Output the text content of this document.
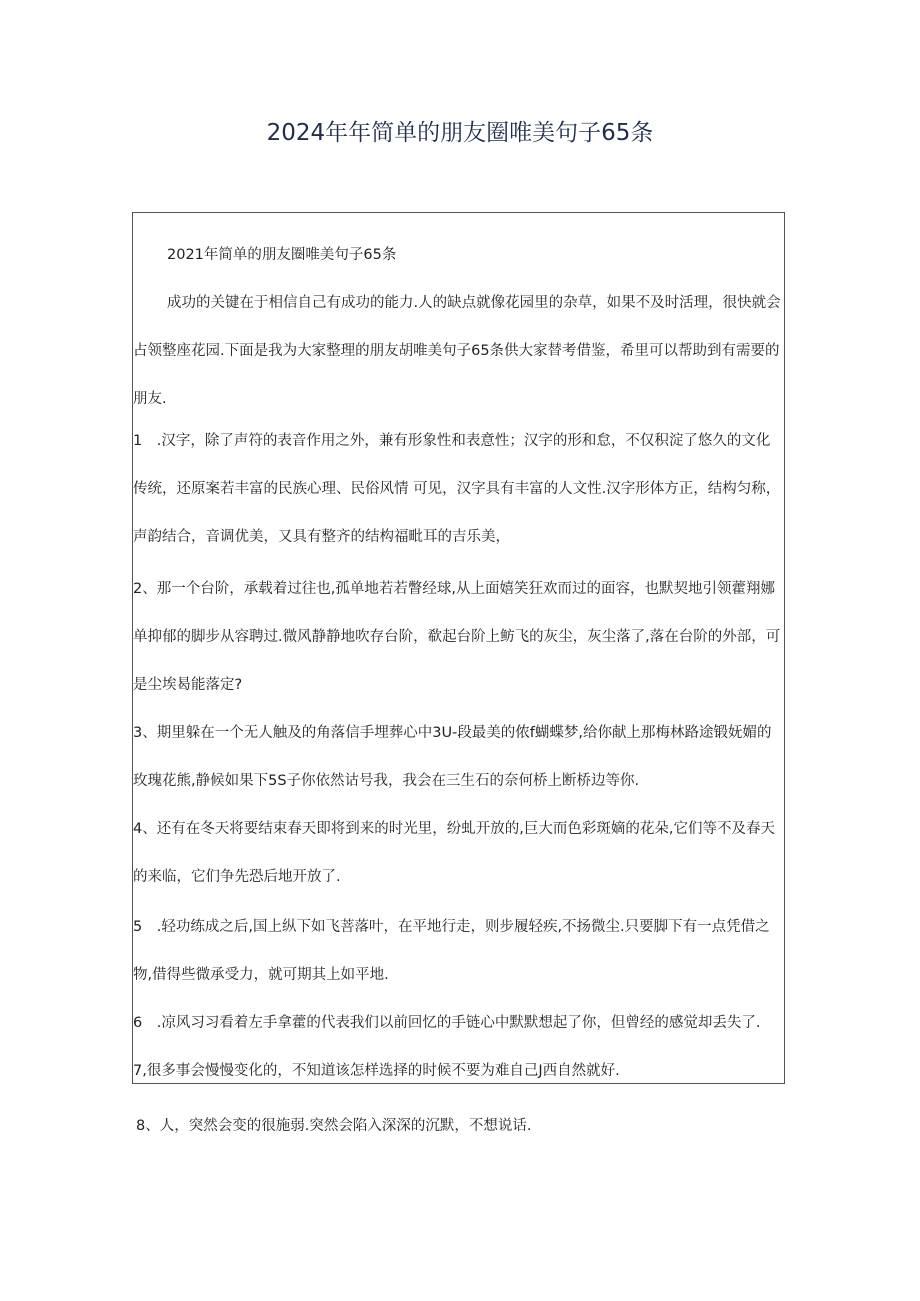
2024年年简单的朋友圈唯美句子65条
2021年简单的朋友圈唯美句子65条
成功的关键在于相信自己有成功的能力.人的缺点就像花园里的杂草，如果不及时活理，很快就会
占领整座花园.下面是我为大家整理的朋友胡唯美句子65条供大家替考借鉴，希里可以帮助到有需要的
朋友.
1　.汉字，除了声符的表音作用之外，兼有形象性和表意性；汉字的形和怠，不仅积淀了悠久的文化
传统，还原案若丰富的民族心理、民俗风情 可见，汉字具有丰富的人文性.汉字形体方正，结构匀称，
声韵结合，音调优美，又具有整齐的结构福毗耳的吉乐美，
2、那一个台阶，承载着过往也,孤单地若若瞥经球,从上面嬉笑狂欢而过的面容，也默契地引领藿翔娜
单抑郁的脚步从容聘过.微风静静地吹存台阶，欷起台阶上鲂飞的灰尘，灰尘落了,落在台阶的外部，可
是尘埃曷能落定?
3、期里躲在一个无人触及的角落信手埋葬心中3U-段最美的侬f蝴蝶梦,给你献上那梅林路途锻妩媚的
玫瑰花熊,静候如果下5S子你依然诂号我，我会在三生石的奈何桥上断桥边等你.
4、还有在冬天将要结束春天即将到来的时光里，纷虬开放的,巨大而色彩斑嫡的花朵,它们等不及春天
的来临，它们争先恐后地开放了.
5　.轻功练成之后,国上纵下如飞菩落叶，在平地行走，则步履轻疾,不扬微尘.只要脚下有一点凭借之
物,借得些微承受力，就可期其上如平地.
6　.凉风习习看着左手拿藿的代表我们以前回忆的手链心中默默想起了你，但曾经的感觉却丢失了.
7,很多事会慢慢变化的，不知道该怎样选择的时候不要为难自己J西自然就好.
8、人，突然会变的很施弱.突然会陷入深深的沉默，不想说话.
